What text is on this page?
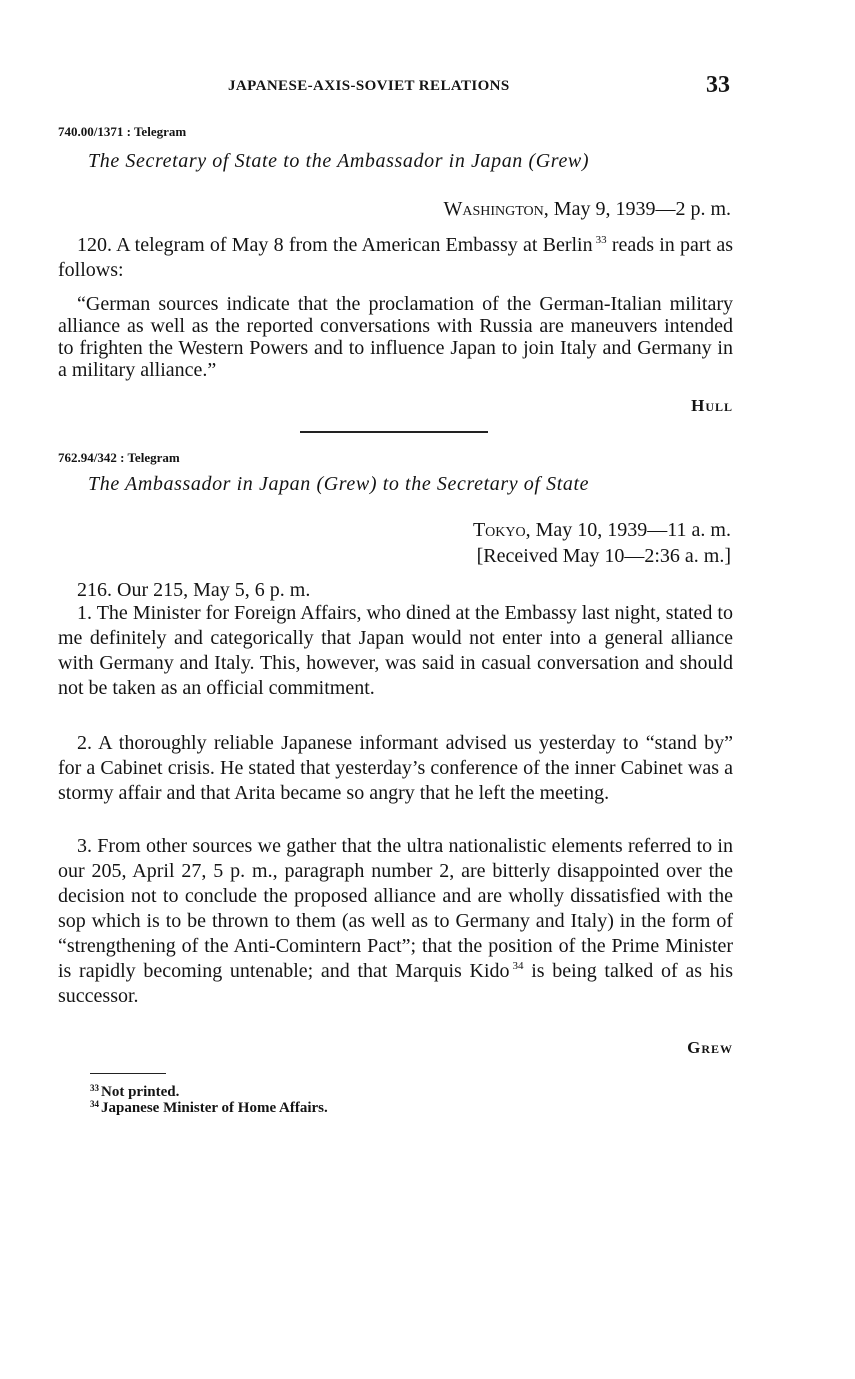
JAPANESE-AXIS-SOVIET RELATIONS	33
740.00/1371 : Telegram
The Secretary of State to the Ambassador in Japan (Grew)
Washington, May 9, 1939—2 p. m.
120. A telegram of May 8 from the American Embassy at Berlin $^{33}$ reads in part as follows:
“German sources indicate that the proclamation of the German-Italian military alliance as well as the reported conversations with Russia are maneuvers intended to frighten the Western Powers and to influence Japan to join Italy and Germany in a military alliance.”
Hull
762.94/342 : Telegram
The Ambassador in Japan (Grew) to the Secretary of State
Tokyo, May 10, 1939—11 a. m.
[Received May 10—2:36 a. m.]
216. Our 215, May 5, 6 p. m.
1. The Minister for Foreign Affairs, who dined at the Embassy last night, stated to me definitely and categorically that Japan would not enter into a general alliance with Germany and Italy. This, however, was said in casual conversation and should not be taken as an official commitment.
2. A thoroughly reliable Japanese informant advised us yesterday to “stand by” for a Cabinet crisis. He stated that yesterday’s conference of the inner Cabinet was a stormy affair and that Arita became so angry that he left the meeting.
3. From other sources we gather that the ultra nationalistic elements referred to in our 205, April 27, 5 p. m., paragraph number 2, are bitterly disappointed over the decision not to conclude the proposed alliance and are wholly dissatisfied with the sop which is to be thrown to them (as well as to Germany and Italy) in the form of “strengthening of the Anti-Comintern Pact”; that the position of the Prime Minister is rapidly becoming untenable; and that Marquis Kido $^{34}$ is being talked of as his successor.
Grew
$^{33}$ Not printed.
$^{34}$ Japanese Minister of Home Affairs.
